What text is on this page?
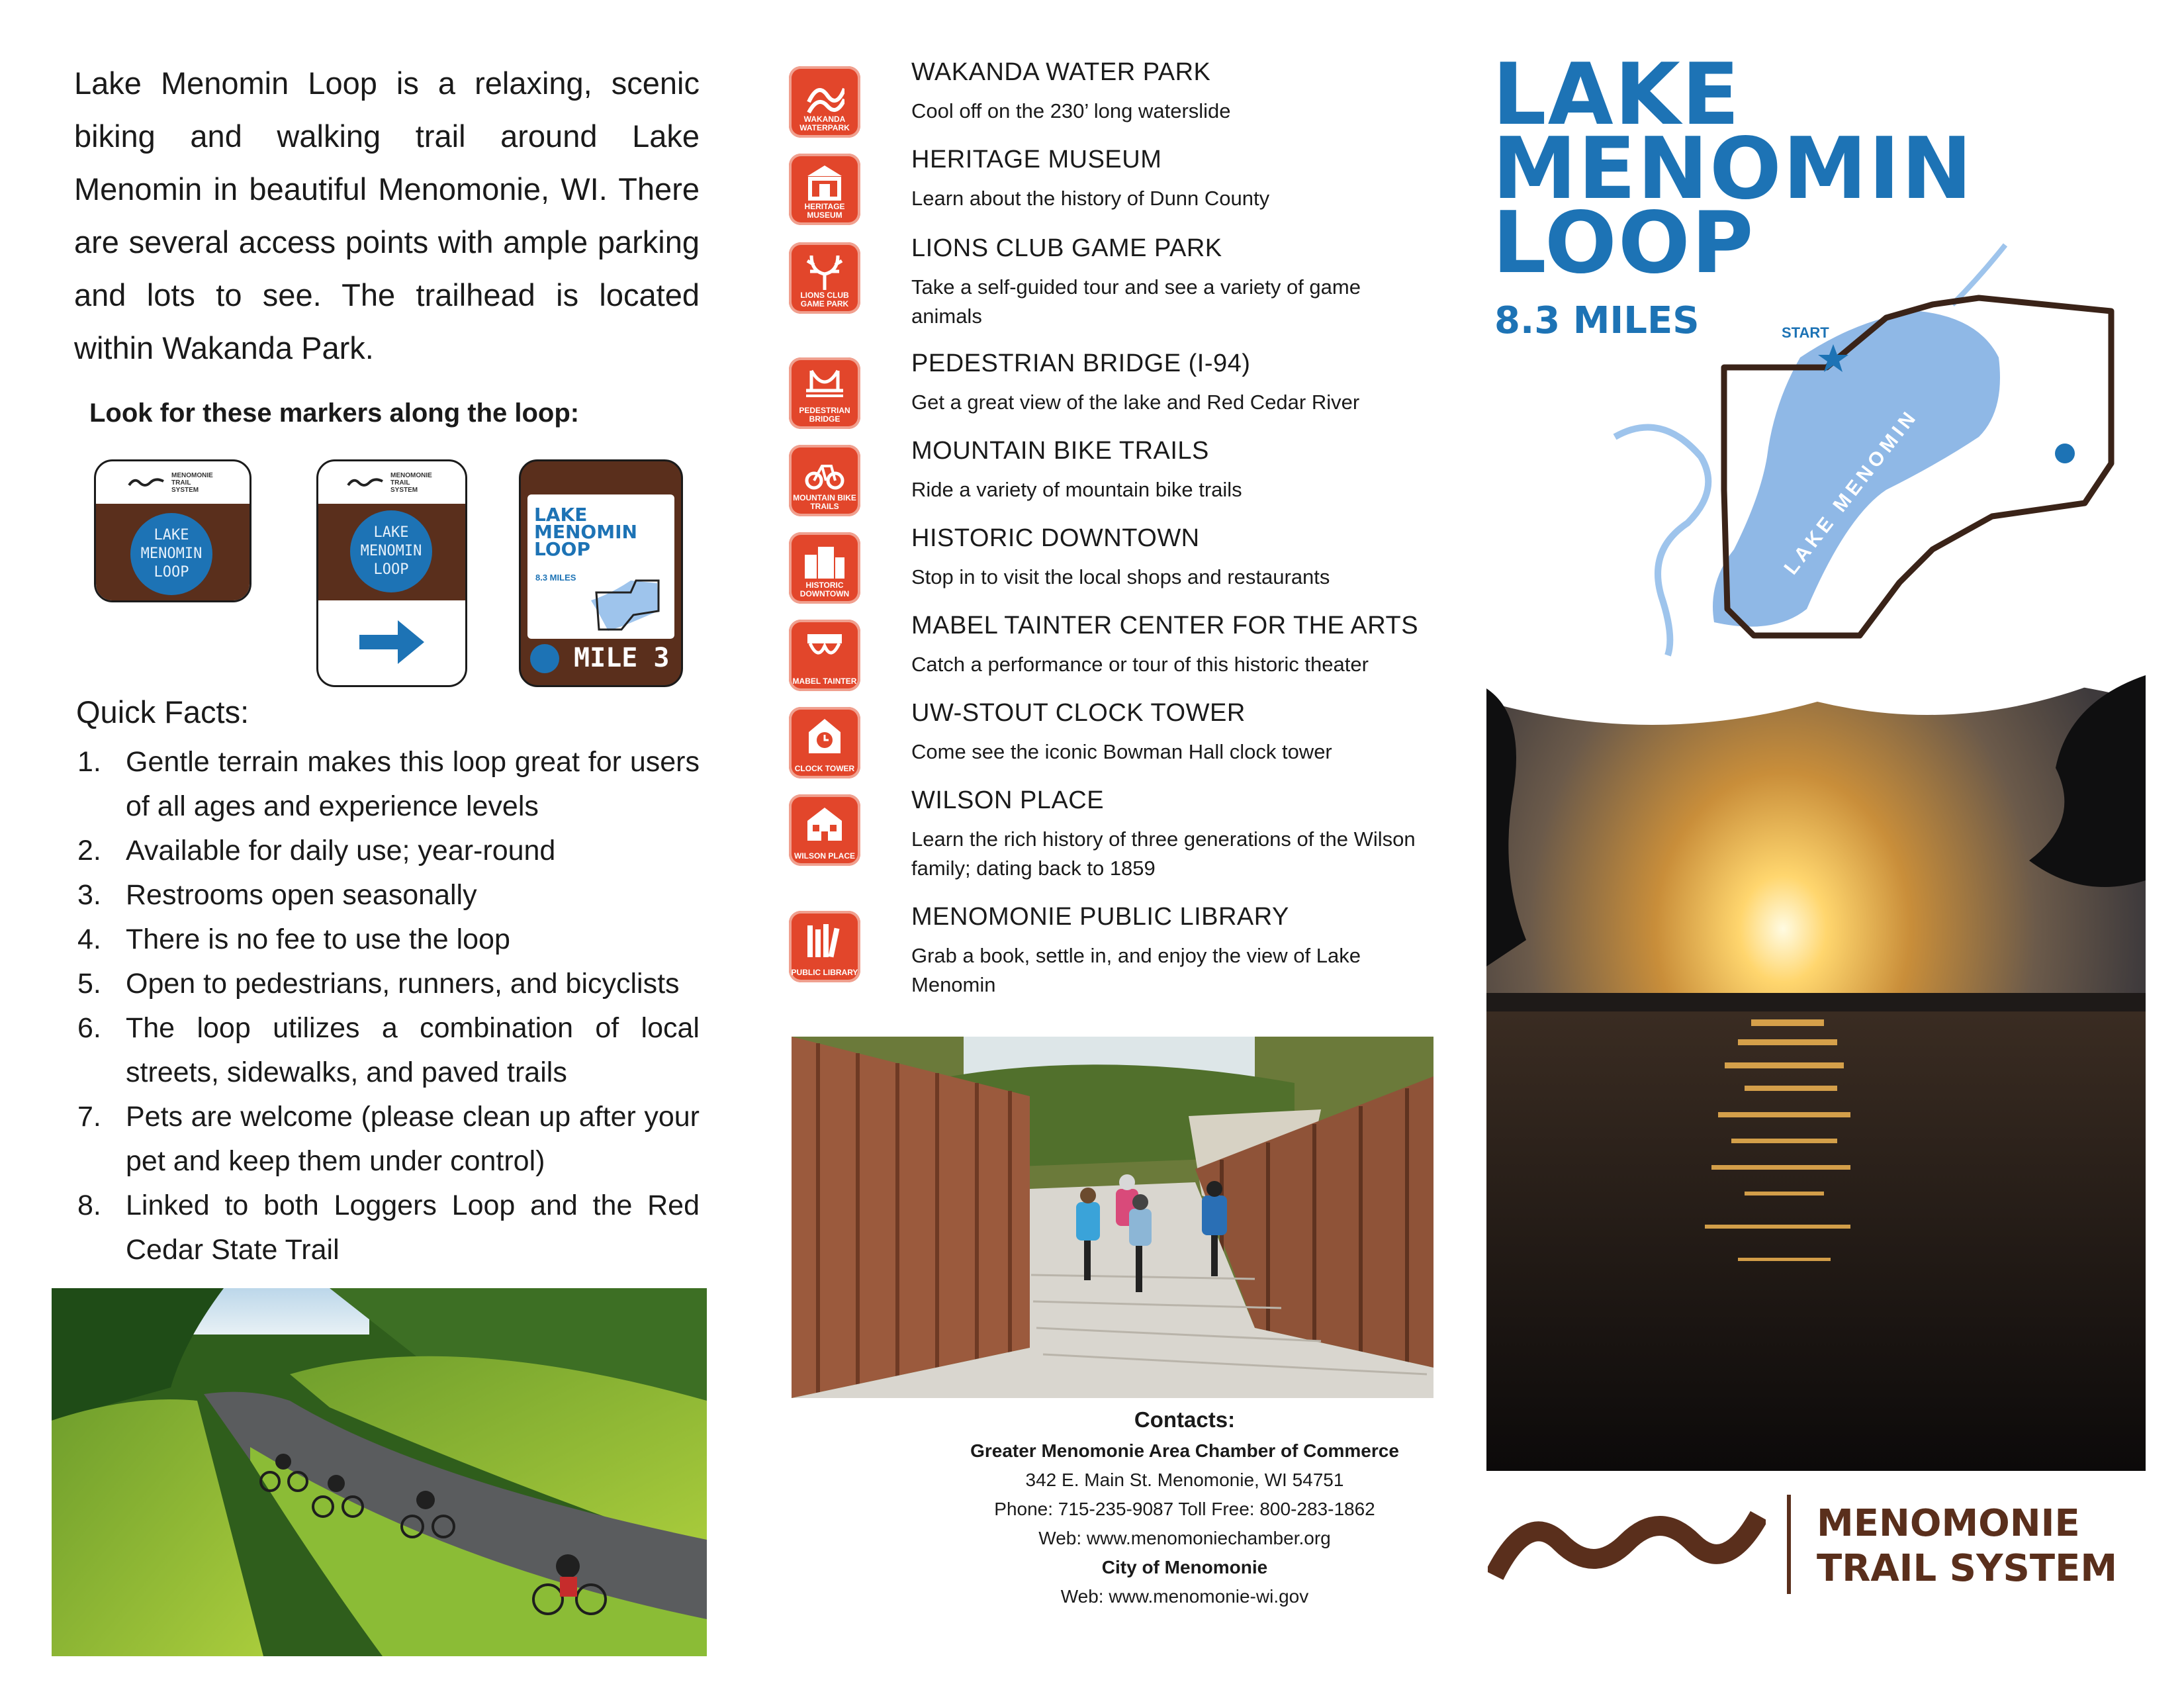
Lake Menomin Loop is a relaxing, scenic biking and walking trail around Lake Menomin in beautiful Menomonie, WI. There are several access points with ample parking and lots to see. The trailhead is located within Wakanda Park.
Look for these markers along the loop:
MENOMONIE TRAIL SYSTEM
LAKE MENOMIN LOOP
MENOMONIE TRAIL SYSTEM
LAKE MENOMIN LOOP
LAKE MENOMIN LOOP
8.3 MILES
MILE 3
Quick Facts:
1. Gentle terrain makes this loop great for users of all ages and experience levels
2. Available for daily use; year-round
3. Restrooms open seasonally
4. There is no fee to use the loop
5. Open to pedestrians, runners, and bicyclists
6. The loop utilizes a combination of local streets, sidewalks, and paved trails
7. Pets are welcome (please clean up after your pet and keep them under control)
8. Linked to both Loggers Loop and the Red Cedar State Trail
WAKANDA WATERPARK
WAKANDA WATER PARK
Cool off on the 230’ long waterslide
HERITAGE MUSEUM
HERITAGE MUSEUM
Learn about the history of Dunn County
LIONS CLUB GAME PARK
LIONS CLUB GAME PARK
Take a self-guided tour and see a variety of game animals
PEDESTRIAN BRIDGE
PEDESTRIAN BRIDGE (I-94)
Get a great view of the lake and Red Cedar River
MOUNTAIN BIKE TRAILS
MOUNTAIN BIKE TRAILS
Ride a variety of mountain bike trails
HISTORIC DOWNTOWN
HISTORIC DOWNTOWN
Stop in to visit the local shops and restaurants
MABEL TAINTER
MABEL TAINTER CENTER FOR THE ARTS
Catch a performance or tour of this historic theater
CLOCK TOWER
UW-STOUT CLOCK TOWER
Come see the iconic Bowman Hall clock tower
WILSON PLACE
WILSON PLACE
Learn the rich history of three generations of the Wilson family; dating back to 1859
PUBLIC LIBRARY
MENOMONIE PUBLIC LIBRARY
Grab a book, settle in, and enjoy the view of Lake Menomin
Contacts:
Greater Menomonie Area Chamber of Commerce
342 E. Main St. Menomonie, WI 54751
Phone: 715-235-9087 Toll Free: 800-283-1862
Web: www.menomoniechamber.org
City of Menomonie
Web: www.menomonie-wi.gov
LAKE
MENOMIN
LOOP
8.3 MILES	START
LAKE MENOMIN
MENOMONIE
TRAIL SYSTEM
